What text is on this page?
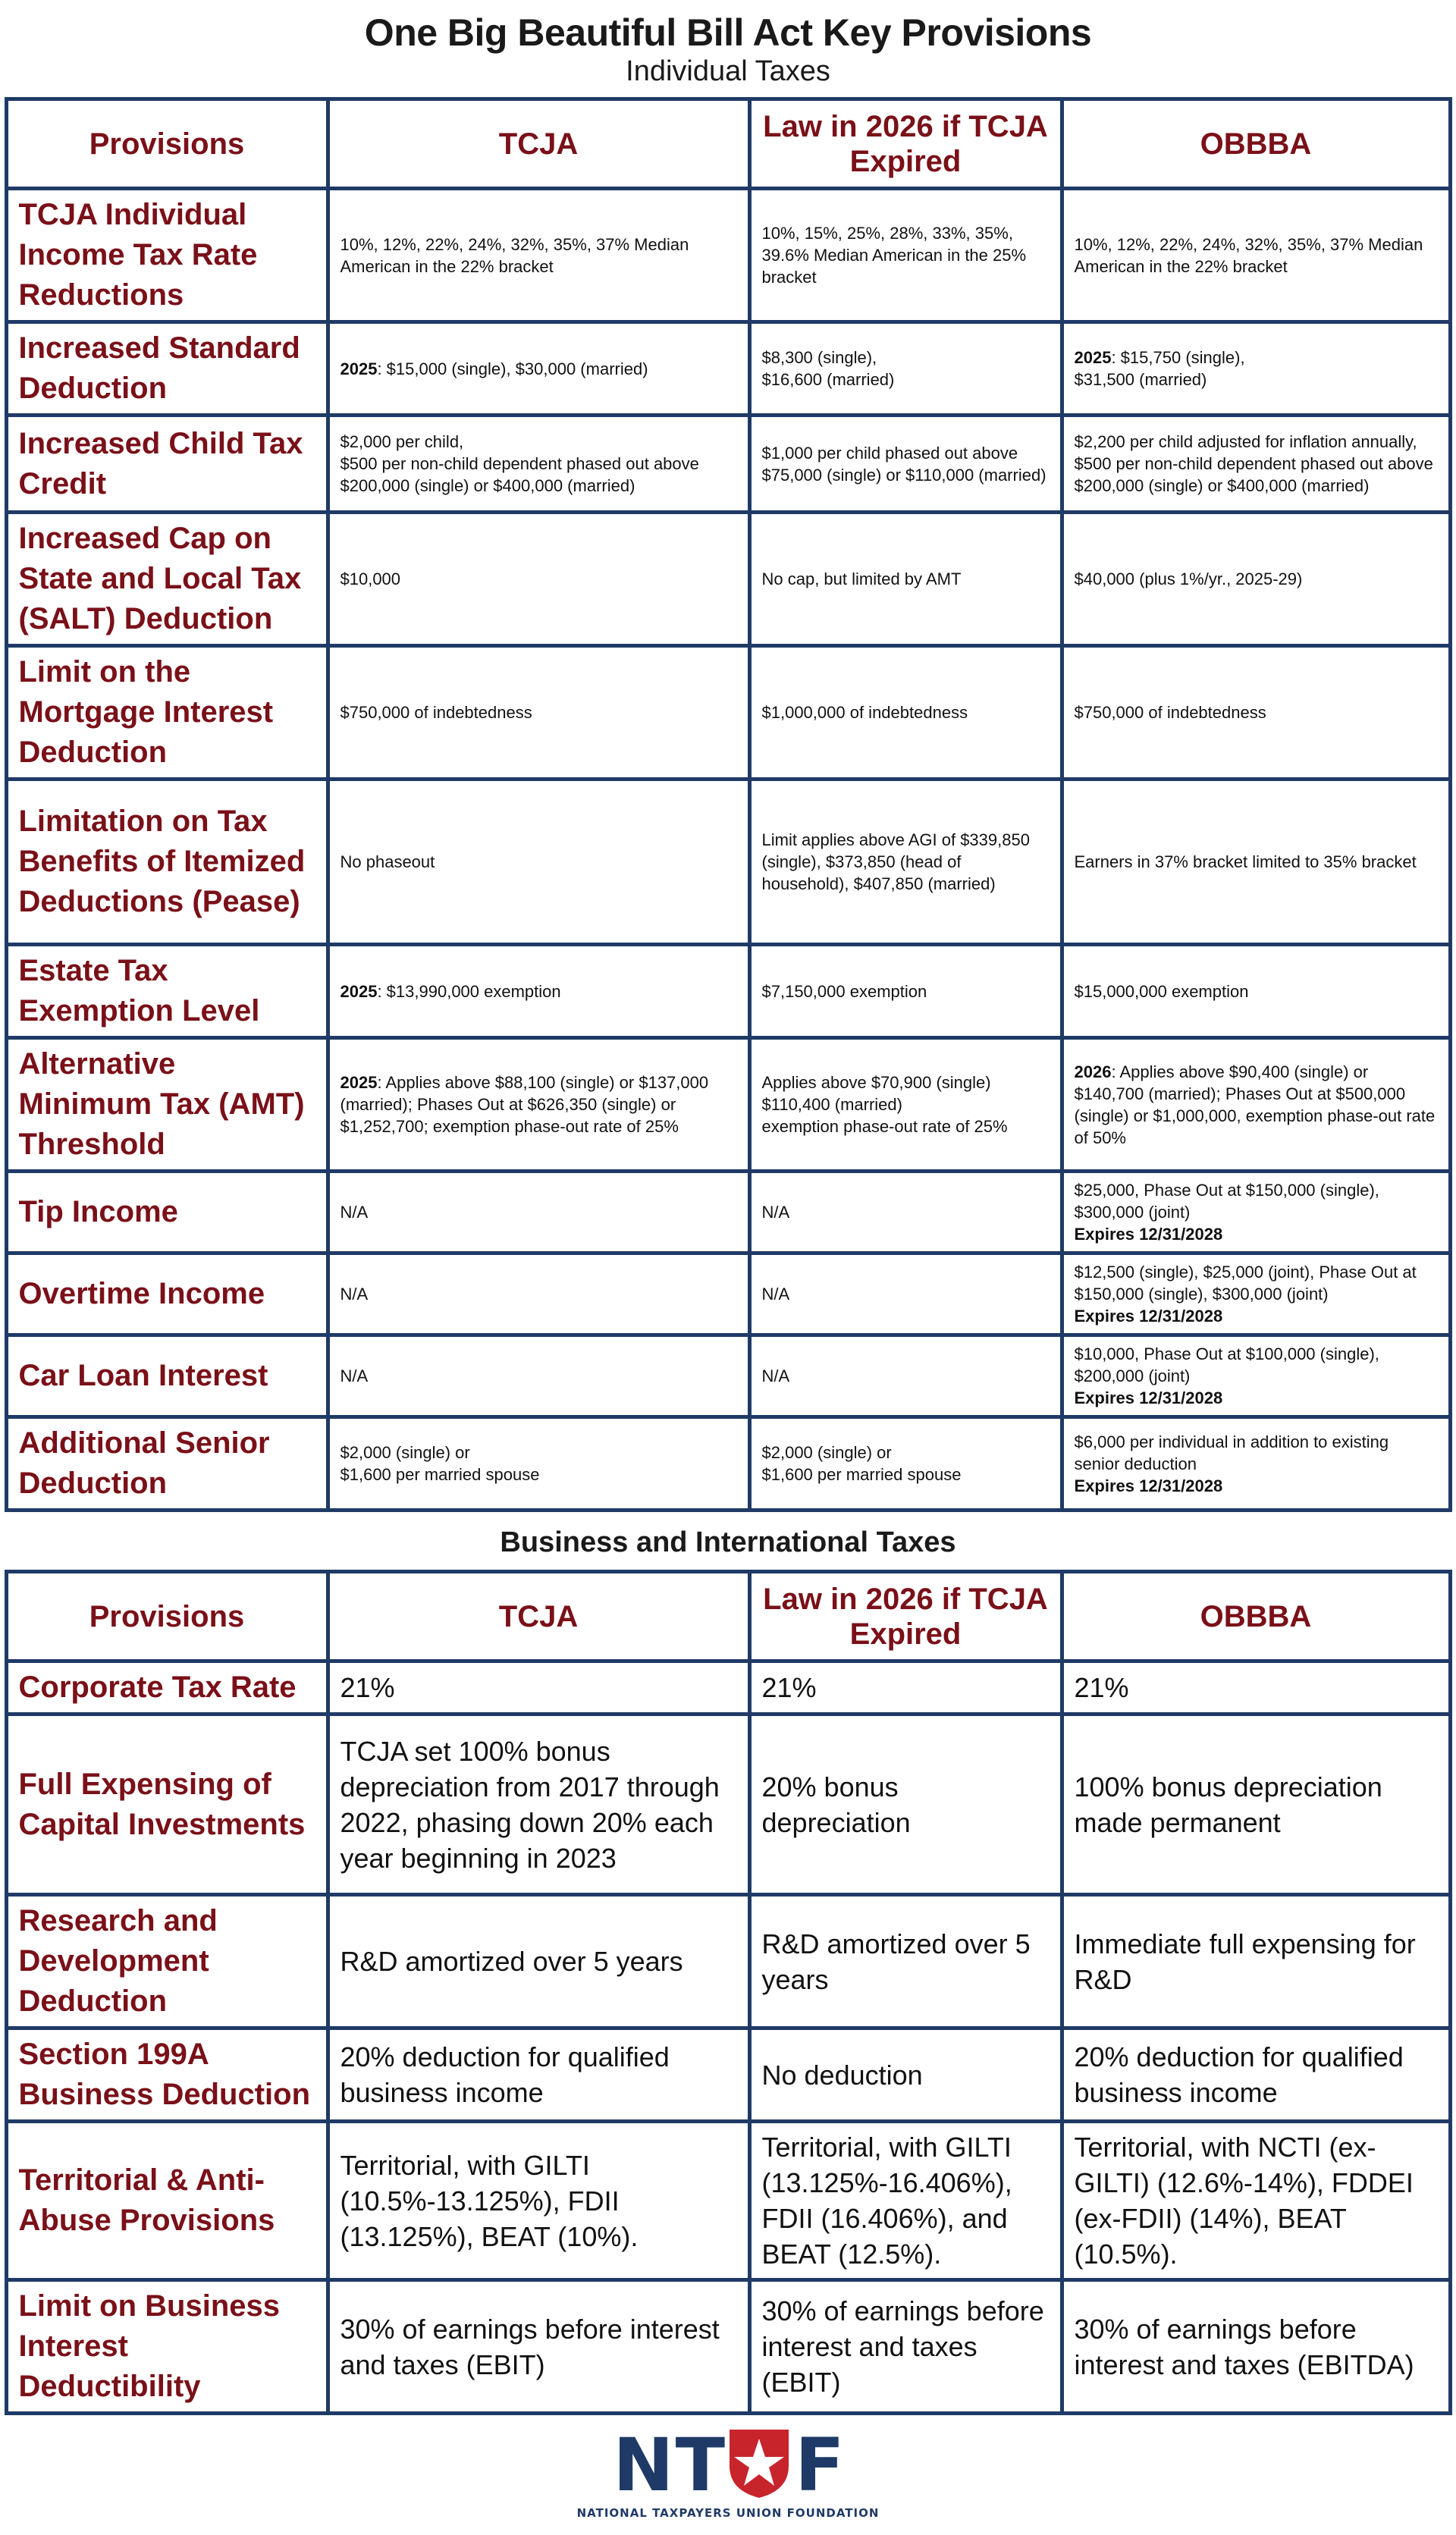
One Big Beautiful Bill Act Key Provisions
Individual Taxes
Provisions	TCJA	Law in 2026 if TCJA Expired	OBBBA
TCJA Individual Income Tax Rate Reductions	10%, 12%, 22%, 24%, 32%, 35%, 37% Median American in the 22% bracket	10%, 15%, 25%, 28%, 33%, 35%, 39.6% Median American in the 25% bracket	10%, 12%, 22%, 24%, 32%, 35%, 37% Median American in the 22% bracket

Increased Standard Deduction	2025: $15,000 (single), $30,000 (married)	$8,300 (single),
$16,600 (married)	2025: $15,750 (single),
$31,500 (married)

Increased Child Tax Credit	$2,000 per child,
$500 per non-child dependent phased out above $200,000 (single) or $400,000 (married)	$1,000 per child phased out above $75,000 (single) or $110,000 (married)	$2,200 per child adjusted for inflation annually, $500 per non-child dependent phased out above $200,000 (single) or $400,000 (married)

Increased Cap on State and Local Tax (SALT) Deduction	$10,000	No cap, but limited by AMT	$40,000 (plus 1%/yr., 2025-29)

Limit on the Mortgage Interest Deduction	$750,000 of indebtedness	$1,000,000 of indebtedness	$750,000 of indebtedness

Limitation on Tax Benefits of Itemized Deductions (Pease)	No phaseout	Limit applies above AGI of $339,850 (single), $373,850 (head of household), $407,850 (married)	Earners in 37% bracket limited to 35% bracket

Estate Tax Exemption Level	2025: $13,990,000 exemption	$7,150,000 exemption	$15,000,000 exemption

Alternative Minimum Tax (AMT) Threshold	2025: Applies above $88,100 (single) or $137,000 (married); Phases Out at $626,350 (single) or $1,252,700; exemption phase-out rate of 25%	Applies above $70,900 (single)
$110,400 (married)
exemption phase-out rate of 25%	2026: Applies above $90,400 (single) or $140,700 (married); Phases Out at $500,000 (single) or $1,000,000, exemption phase-out rate of 50%

Tip Income	N/A	N/A	$25,000, Phase Out at $150,000 (single), $300,000 (joint)
Expires 12/31/2028

Overtime Income	N/A	N/A	$12,500 (single), $25,000 (joint), Phase Out at $150,000 (single), $300,000 (joint)
Expires 12/31/2028

Car Loan Interest	N/A	N/A	$10,000, Phase Out at $100,000 (single), $200,000 (joint)
Expires 12/31/2028

Additional Senior Deduction	$2,000 (single) or
$1,600 per married spouse	$2,000 (single) or
$1,600 per married spouse	$6,000 per individual in addition to existing senior deduction
Expires 12/31/2028
Business and International Taxes
Provisions	TCJA	Law in 2026 if TCJA Expired	OBBBA
Corporate Tax Rate	21%	21%	21%

Full Expensing of Capital Investments	TCJA set 100% bonus depreciation from 2017 through 2022, phasing down 20% each year beginning in 2023	20% bonus depreciation	100% bonus depreciation made permanent

Research and Development Deduction	R&D amortized over 5 years	R&D amortized over 5 years	Immediate full expensing for R&D

Section 199A Business Deduction	20% deduction for qualified business income	No deduction	20% deduction for qualified business income

Territorial & Anti-Abuse Provisions	Territorial, with GILTI (10.5%-13.125%), FDII (13.125%), BEAT (10%).	Territorial, with GILTI (13.125%-16.406%), FDII (16.406%), and BEAT (12.5%).	Territorial, with NCTI (ex-GILTI) (12.6%-14%), FDDEI (ex-FDII) (14%), BEAT (10.5%).

Limit on Business Interest Deductibility	30% of earnings before interest and taxes (EBIT)	30% of earnings before interest and taxes (EBIT)	30% of earnings before interest and taxes (EBITDA)
N T F
NATIONAL TAXPAYERS UNION FOUNDATION
